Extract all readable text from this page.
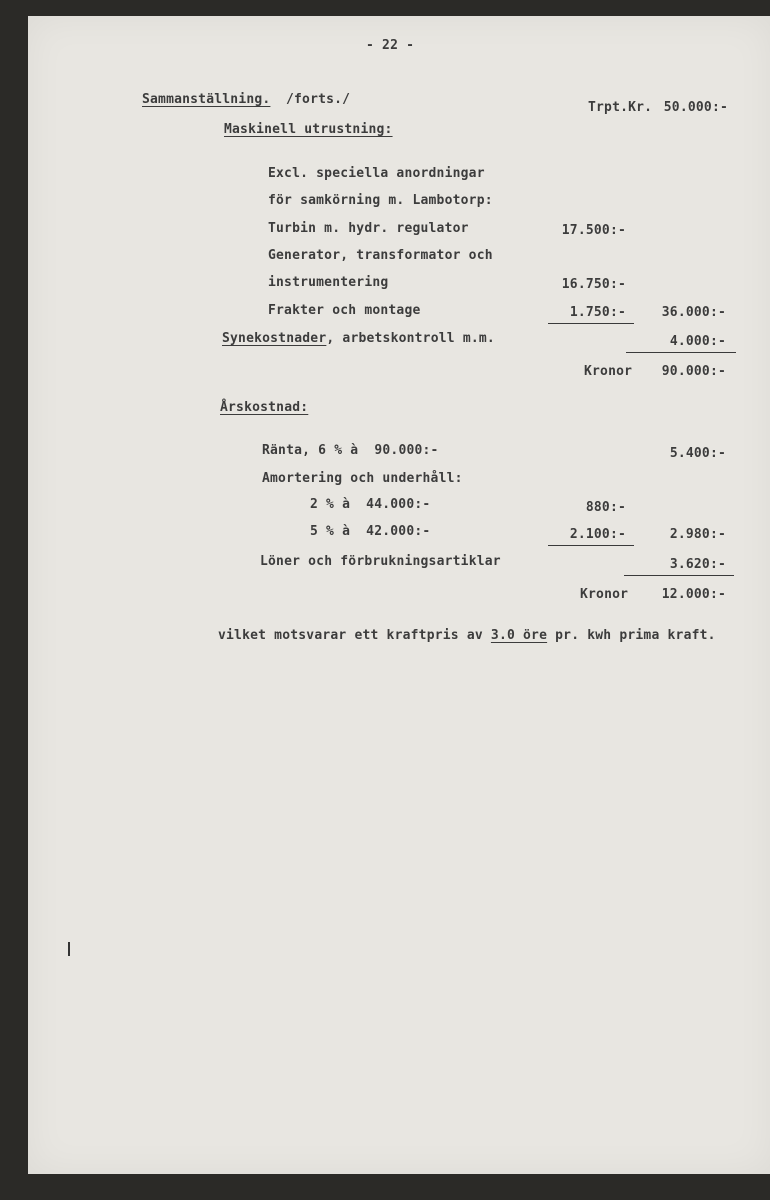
- 22 -
Sammanställning. /forts./
Trpt.Kr. 50.000:-
Maskinell utrustning:
Excl. speciella anordningar
för samkörning m. Lambotorp:
Turbin m. hydr. regulator	17.500:-
Generator, transformator och
instrumentering	16.750:-
Frakter och montage	1.750:-	36.000:-
Synekostnader, arbetskontroll m.m.	4.000:-
Kronor	90.000:-
Årskostnad:
Ränta, 6 % à  90.000:-	5.400:-
Amortering och underhåll:
2 % à  44.000:-	880:-
5 % à  42.000:-	2.100:-	2.980:-
Löner och förbrukningsartiklar	3.620:-
Kronor	12.000:-
vilket motsvarar ett kraftpris av 3.0 öre pr. kwh prima kraft.
